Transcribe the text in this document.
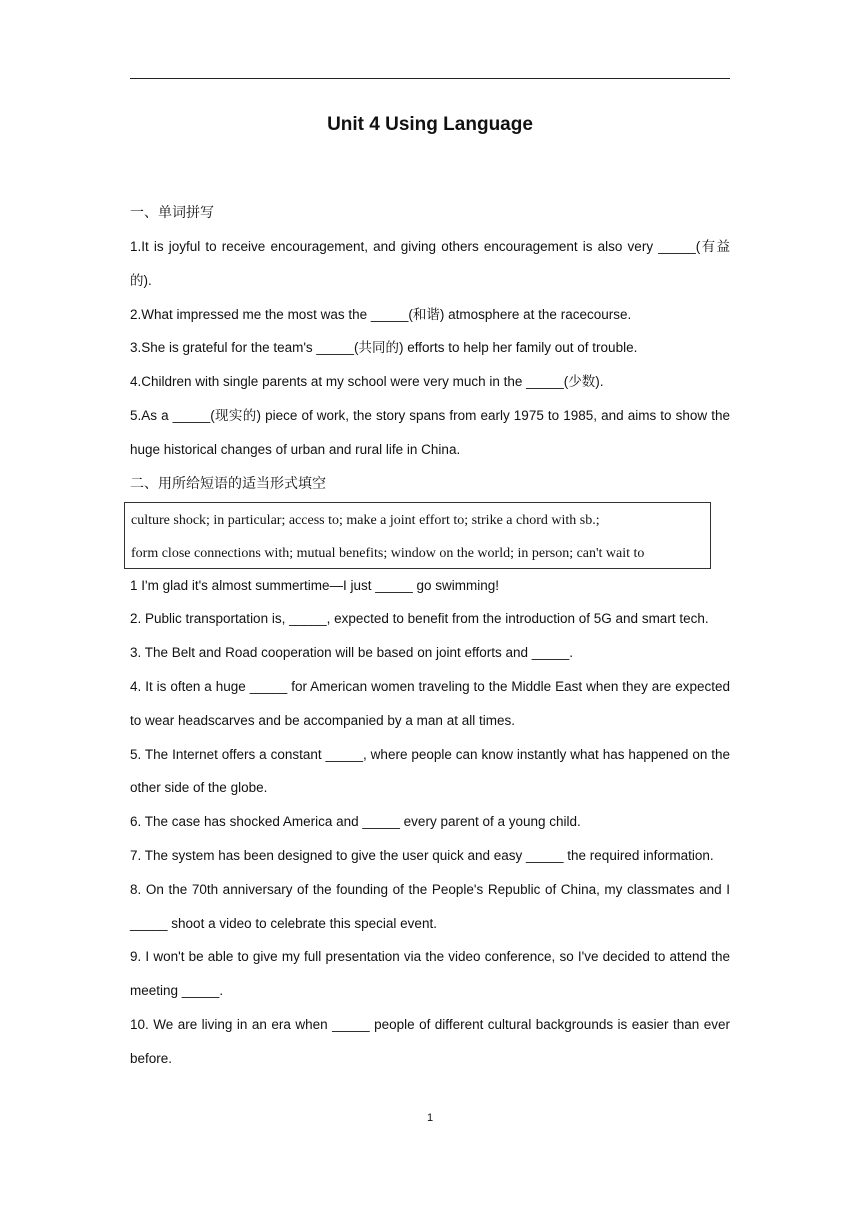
Unit 4 Using Language
一、单词拼写

1.It is joyful to receive encouragement, and giving others encouragement is also very _____(有益的).

2.What impressed me the most was the _____(和谐) atmosphere at the racecourse.

3.She is grateful for the team's _____(共同的) efforts to help her family out of trouble.

4.Children with single parents at my school were very much in the _____(少数).

5.As a _____(现实的) piece of work, the story spans from early 1975 to 1985, and aims to show the huge historical changes of urban and rural life in China.

二、用所给短语的适当形式填空
culture shock; in particular; access to; make a joint effort to; strike a chord with sb.;
form close connections with; mutual benefits; window on the world; in person; can't wait to

1 I'm glad it's almost summertime—I just _____ go swimming!

2. Public transportation is, _____, expected to benefit from the introduction of 5G and smart tech.

3. The Belt and Road cooperation will be based on joint efforts and _____.

4. It is often a huge _____ for American women traveling to the Middle East when they are expected to wear headscarves and be accompanied by a man at all times.

5. The Internet offers a constant _____, where people can know instantly what has happened on the other side of the globe.

6. The case has shocked America and _____ every parent of a young child.

7. The system has been designed to give the user quick and easy _____ the required information.

8. On the 70th anniversary of the founding of the People's Republic of China, my classmates and I _____ shoot a video to celebrate this special event.

9. I won't be able to give my full presentation via the video conference, so I've decided to attend the meeting _____.

10. We are living in an era when _____ people of different cultural backgrounds is easier than ever before.

1
